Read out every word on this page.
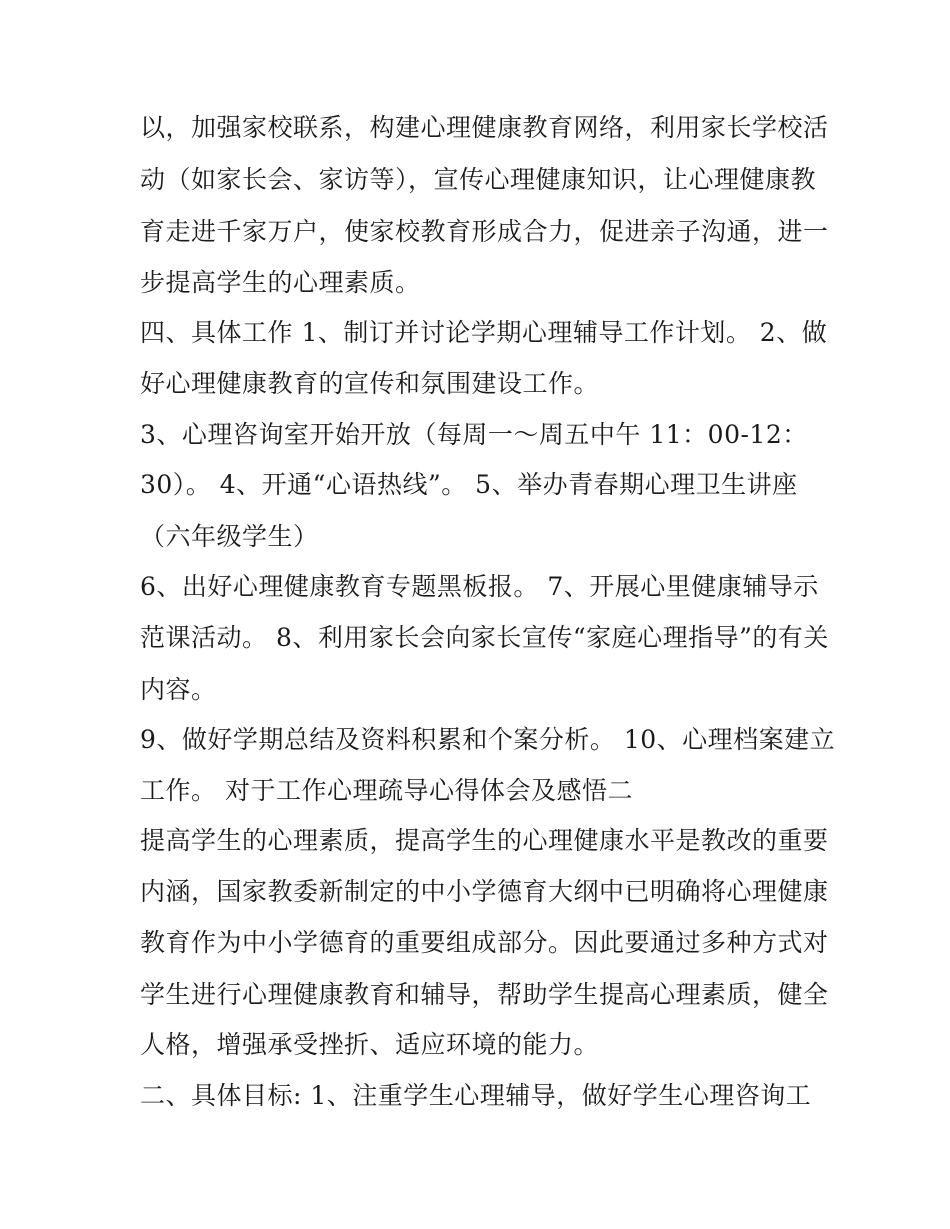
以，加强家校联系，构建心理健康教育网络，利用家长学校活
动（如家长会、家访等），宣传心理健康知识，让心理健康教
育走进千家万户，使家校教育形成合力，促进亲子沟通，进一
步提高学生的心理素质。
四、具体工作 1、制订并讨论学期心理辅导工作计划。 2、做
好心理健康教育的宣传和氛围建设工作。
3、心理咨询室开始开放（每周一～周五中午 11：00-12：
30）。 4、开通“心语热线”。 5、举办青春期心理卫生讲座
（六年级学生）
6、出好心理健康教育专题黑板报。 7、开展心里健康辅导示
范课活动。 8、利用家长会向家长宣传“家庭心理指导”的有关
内容。
9、做好学期总结及资料积累和个案分析。 10、心理档案建立
工作。 对于工作心理疏导心得体会及感悟二
提高学生的心理素质，提高学生的心理健康水平是教改的重要
内涵，国家教委新制定的中小学德育大纲中已明确将心理健康
教育作为中小学德育的重要组成部分。因此要通过多种方式对
学生进行心理健康教育和辅导，帮助学生提高心理素质，健全
人格，增强承受挫折、适应环境的能力。
二、具体目标: 1、注重学生心理辅导，做好学生心理咨询工
